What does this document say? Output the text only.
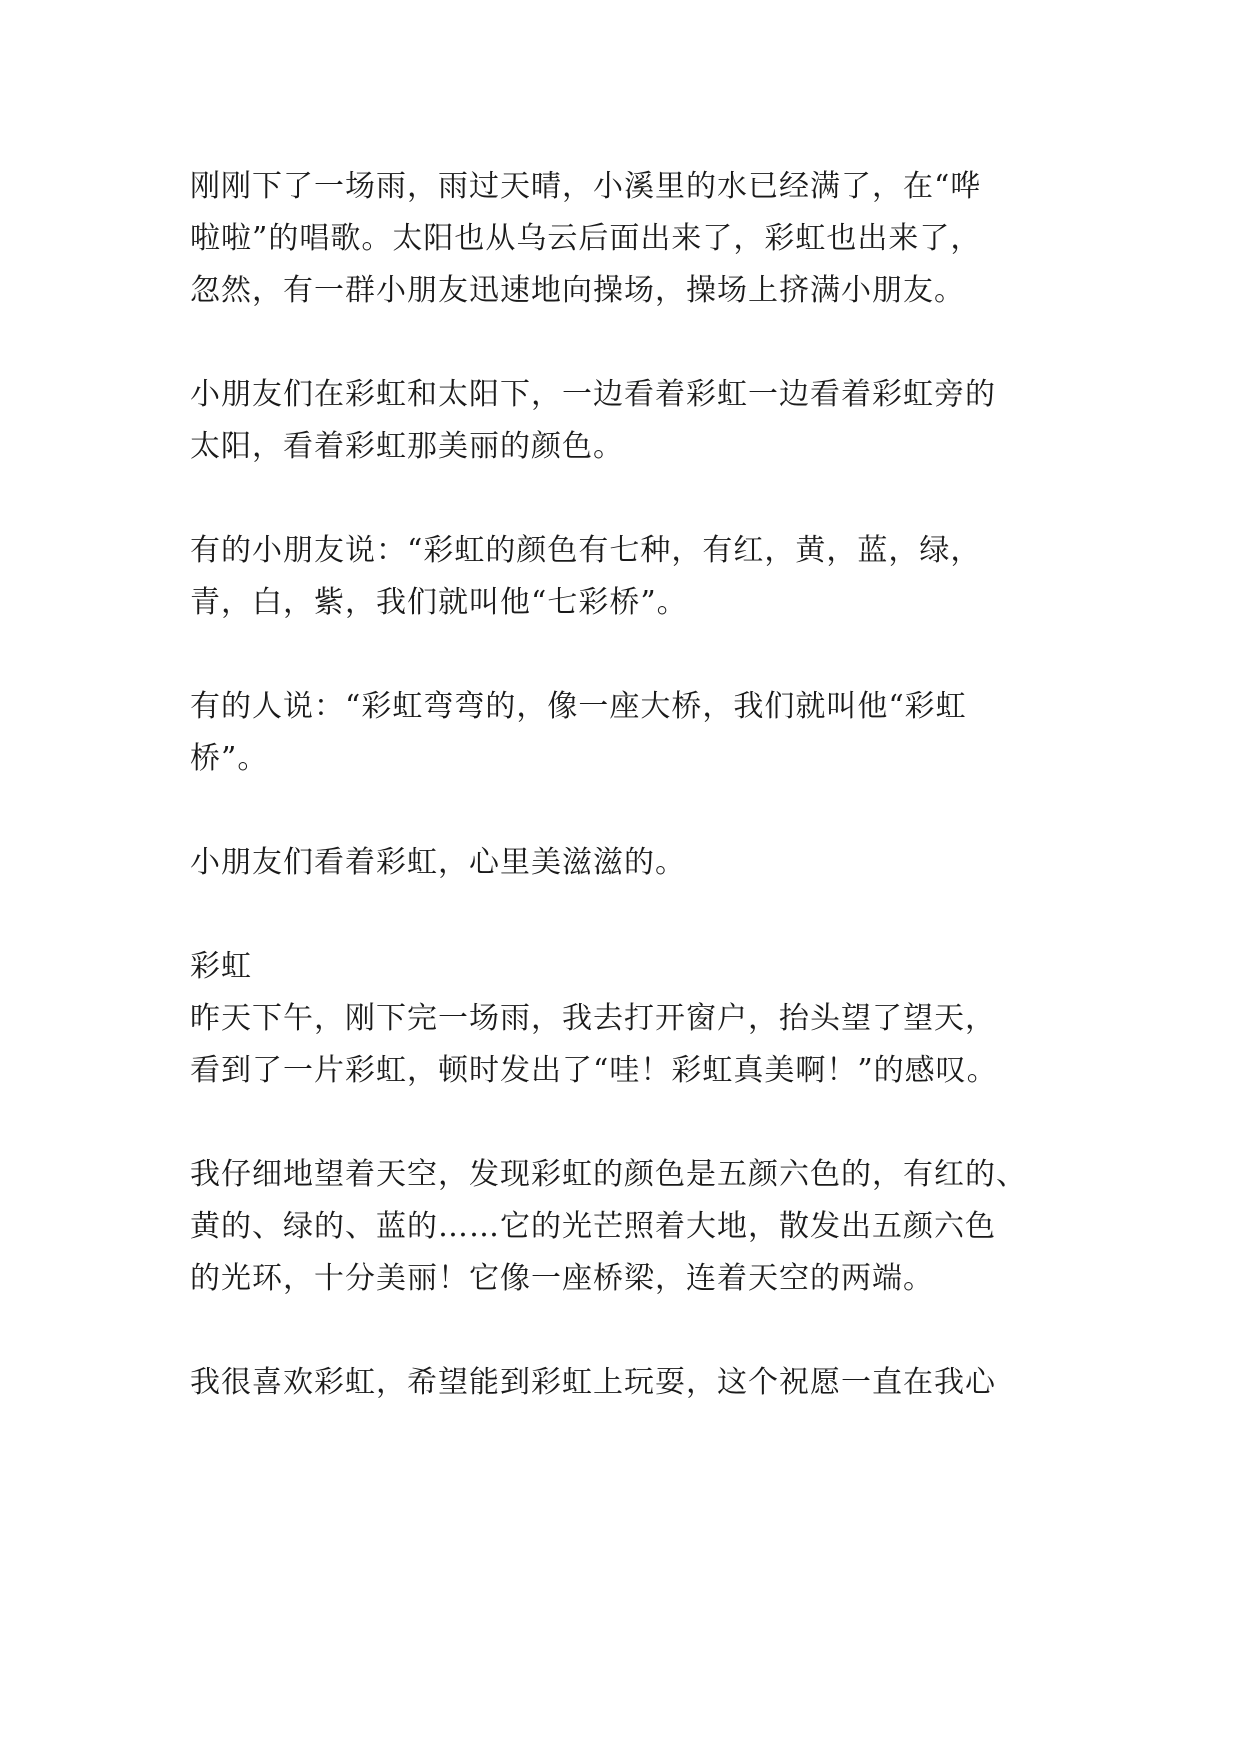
刚刚下了一场雨，雨过天晴，小溪里的水已经满了，在“哗
啦啦”的唱歌。太阳也从乌云后面出来了，彩虹也出来了，
忽然，有一群小朋友迅速地向操场，操场上挤满小朋友。
小朋友们在彩虹和太阳下，一边看着彩虹一边看着彩虹旁的
太阳，看着彩虹那美丽的颜色。
有的小朋友说：“彩虹的颜色有七种，有红，黄，蓝，绿，
青，白，紫，我们就叫他“七彩桥”。
有的人说：“彩虹弯弯的，像一座大桥，我们就叫他“彩虹
桥”。
小朋友们看着彩虹，心里美滋滋的。
彩虹
昨天下午，刚下完一场雨，我去打开窗户，抬头望了望天，
看到了一片彩虹，顿时发出了“哇！彩虹真美啊！”的感叹。
我仔细地望着天空，发现彩虹的颜色是五颜六色的，有红的、
黄的、绿的、蓝的……它的光芒照着大地，散发出五颜六色
的光环，十分美丽！它像一座桥梁，连着天空的两端。
我很喜欢彩虹，希望能到彩虹上玩耍，这个祝愿一直在我心
